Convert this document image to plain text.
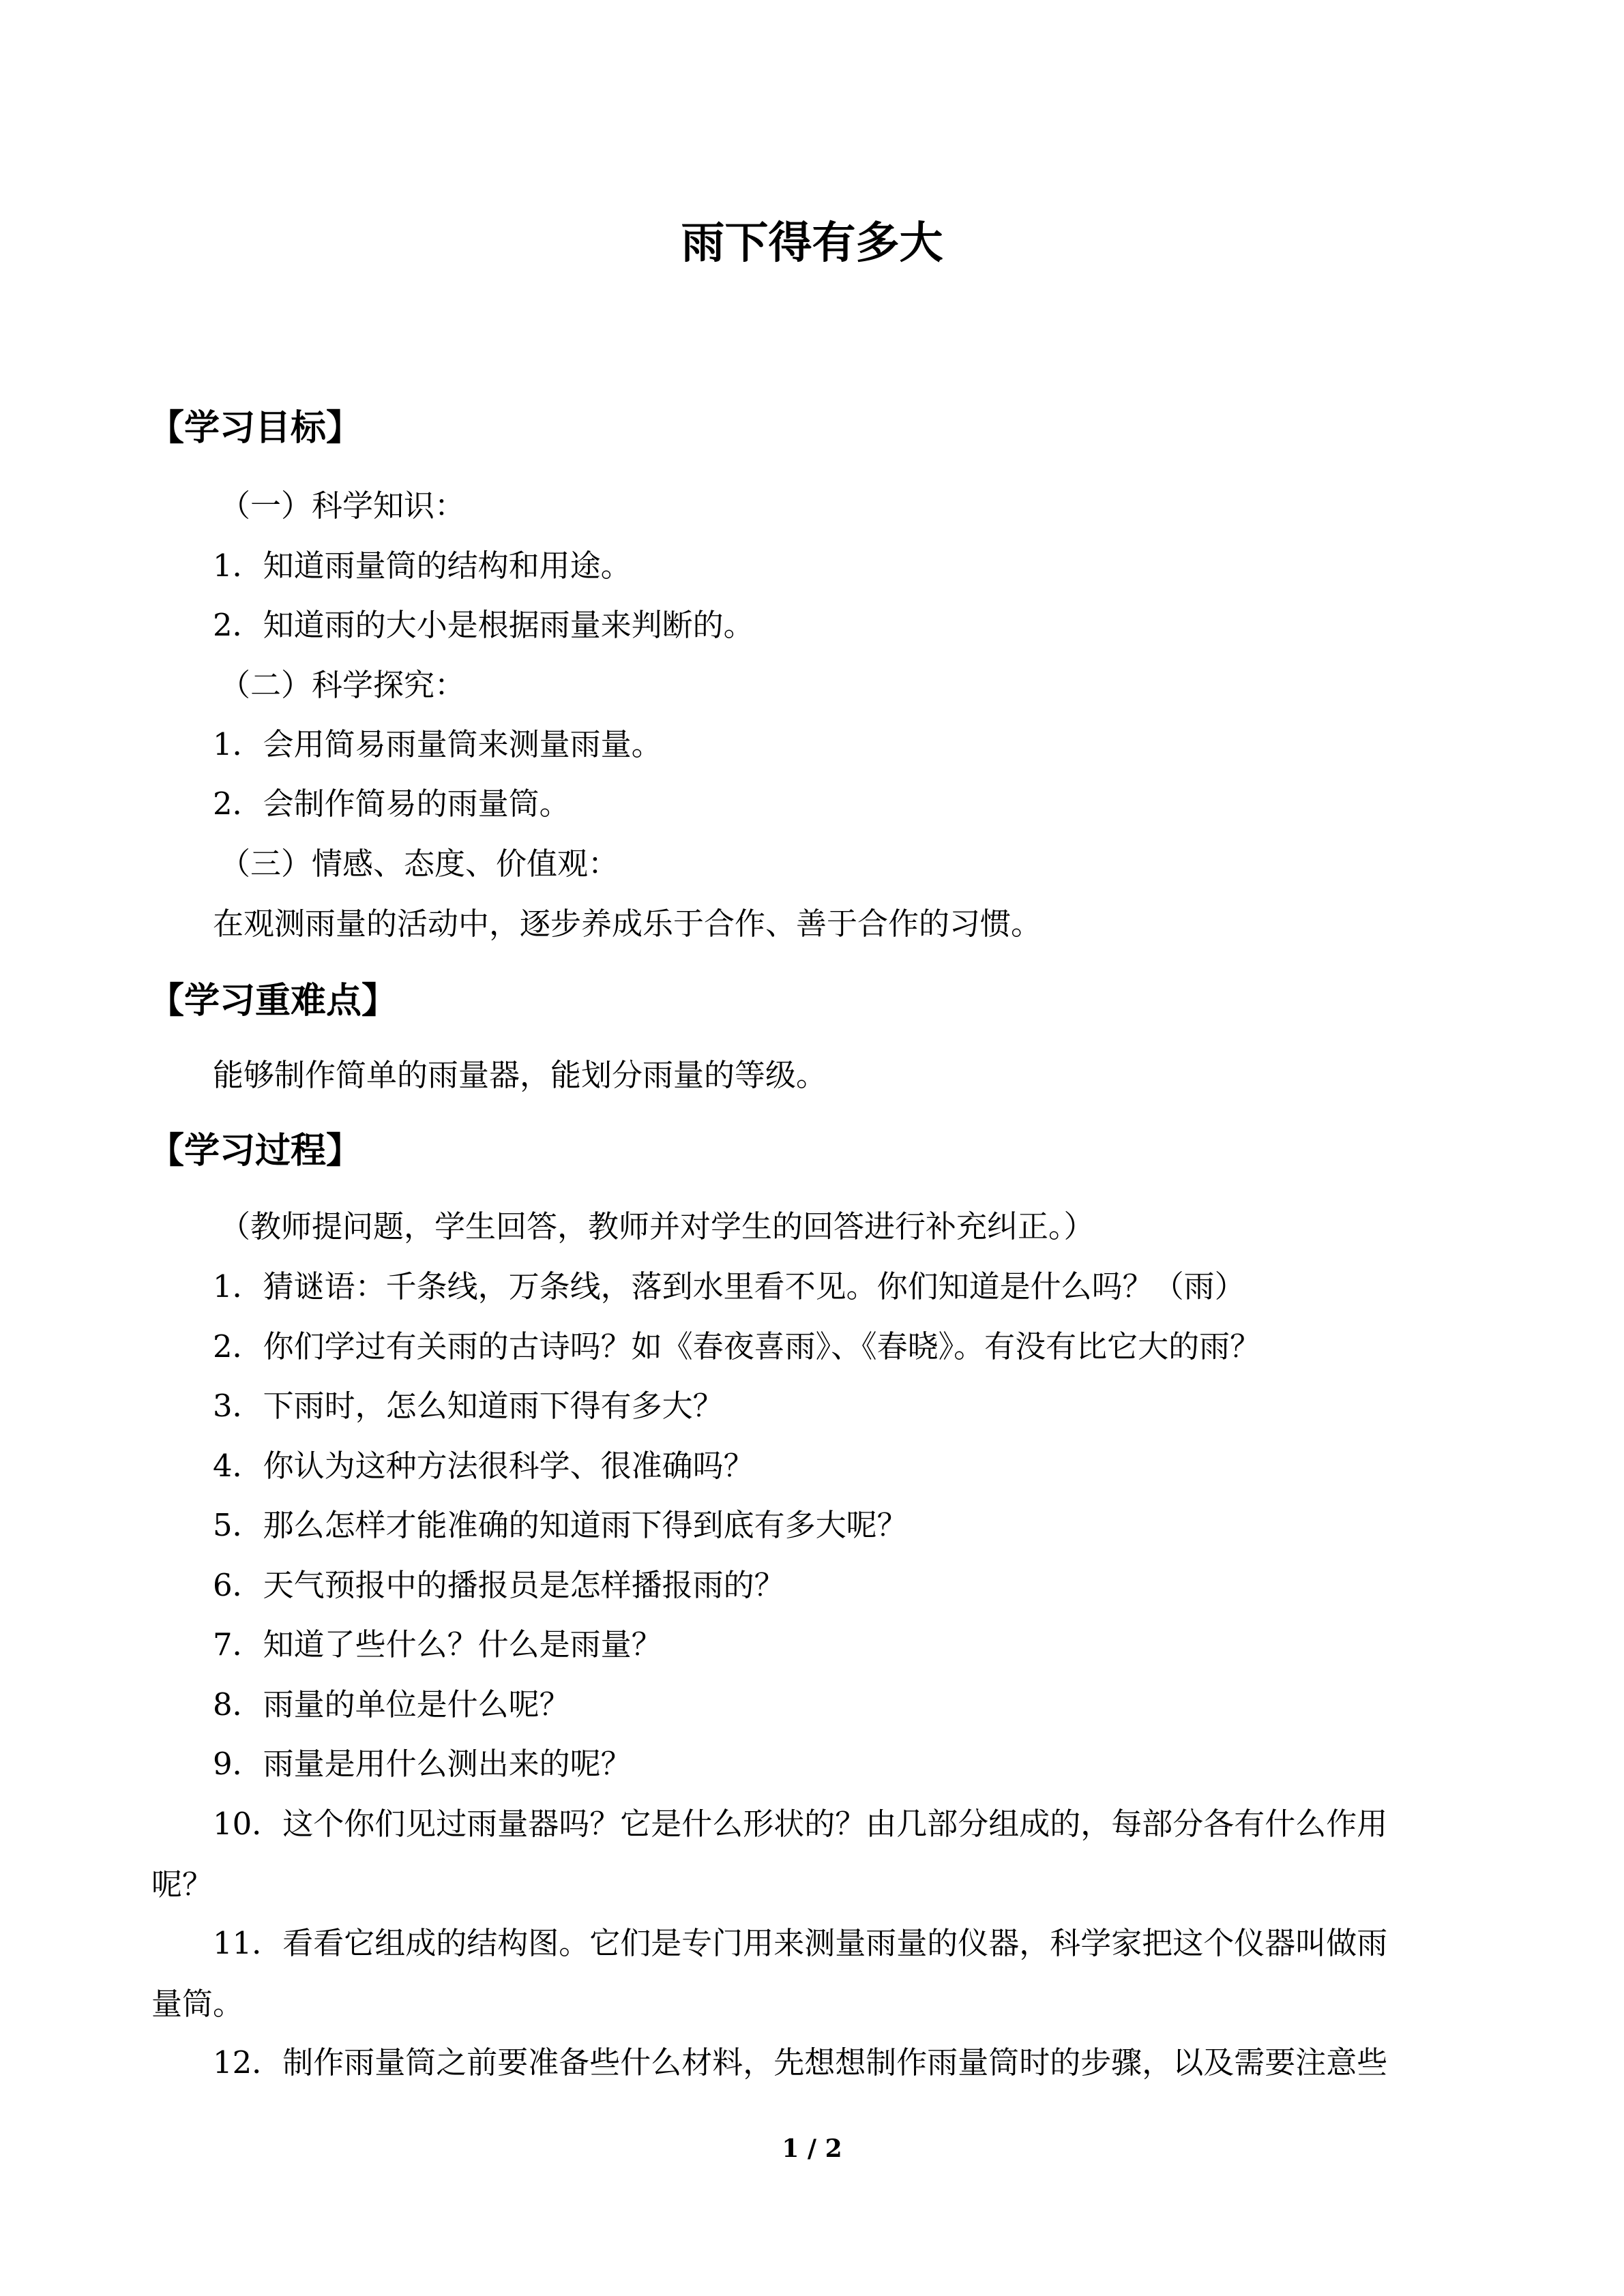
雨下得有多大
【学习目标】
（一）科学知识：
1．知道雨量筒的结构和用途。
2．知道雨的大小是根据雨量来判断的。
（二）科学探究：
1．会用简易雨量筒来测量雨量。
2．会制作简易的雨量筒。
（三）情感、态度、价值观：
在观测雨量的活动中，逐步养成乐于合作、善于合作的习惯。
【学习重难点】
能够制作简单的雨量器，能划分雨量的等级。
【学习过程】
（教师提问题，学生回答，教师并对学生的回答进行补充纠正。）
1．猜谜语：千条线，万条线，落到水里看不见。你们知道是什么吗？（雨）
2．你们学过有关雨的古诗吗？如《春夜喜雨》、《春晓》。有没有比它大的雨？
3．下雨时，怎么知道雨下得有多大？
4．你认为这种方法很科学、很准确吗？
5．那么怎样才能准确的知道雨下得到底有多大呢？
6．天气预报中的播报员是怎样播报雨的？
7．知道了些什么？什么是雨量？
8．雨量的单位是什么呢？
9．雨量是用什么测出来的呢？
10．这个你们见过雨量器吗？它是什么形状的？由几部分组成的，每部分各有什么作用
呢？
11．看看它组成的结构图。它们是专门用来测量雨量的仪器，科学家把这个仪器叫做雨
量筒。
12．制作雨量筒之前要准备些什么材料，先想想制作雨量筒时的步骤，以及需要注意些
1 / 2
